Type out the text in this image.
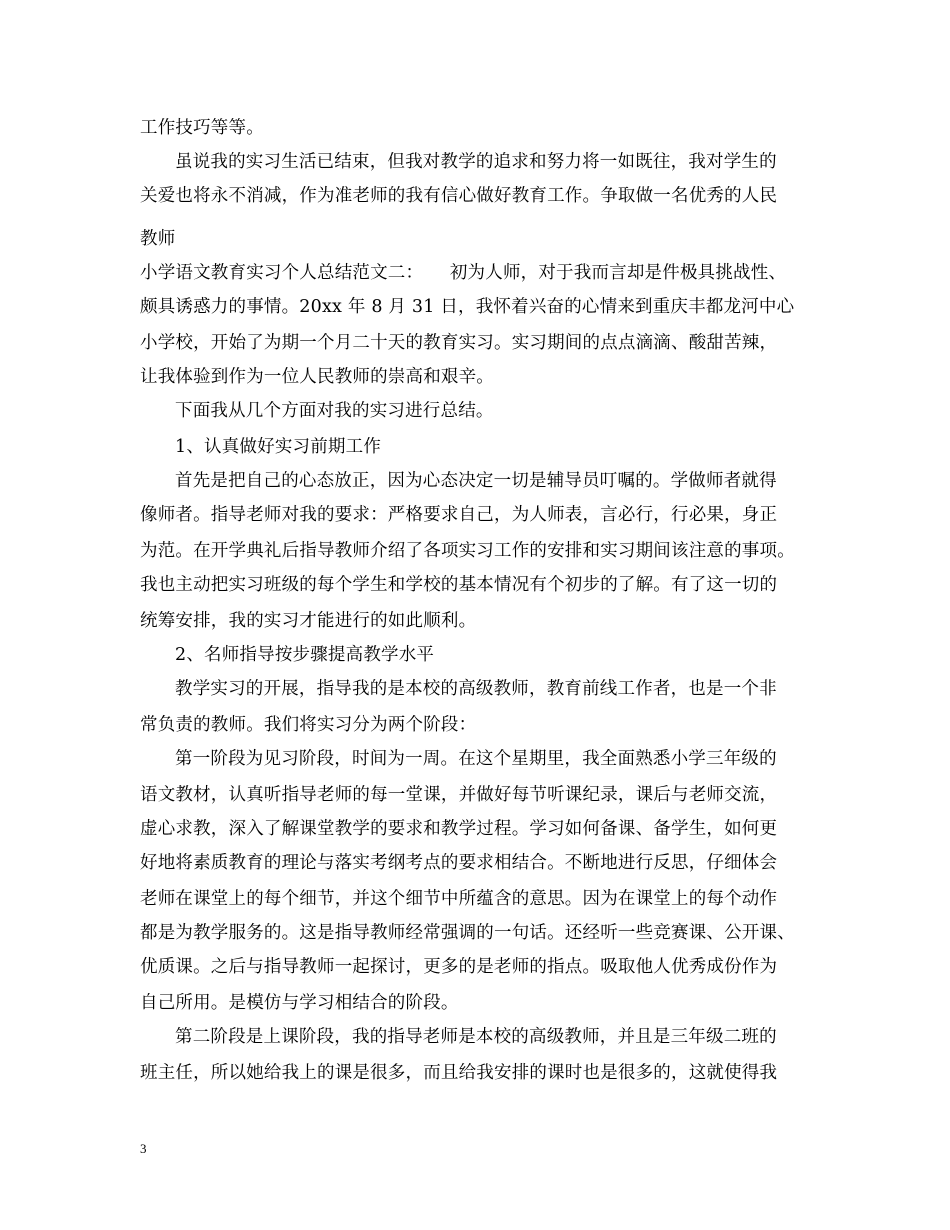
工作技巧等等。
虽说我的实习生活已结束，但我对教学的追求和努力将一如既往，我对学生的
关爱也将永不消减，作为准老师的我有信心做好教育工作。争取做一名优秀的人民
教师
小学语文教育实习个人总结范文二：　　初为人师，对于我而言却是件极具挑战性、
颇具诱惑力的事情。20xx 年 8 月 31 日，我怀着兴奋的心情来到重庆丰都龙河中心
小学校，开始了为期一个月二十天的教育实习。实习期间的点点滴滴、酸甜苦辣，
让我体验到作为一位人民教师的崇高和艰辛。
下面我从几个方面对我的实习进行总结。
1、认真做好实习前期工作
首先是把自己的心态放正，因为心态决定一切是辅导员叮嘱的。学做师者就得
像师者。指导老师对我的要求：严格要求自己，为人师表，言必行，行必果，身正
为范。在开学典礼后指导教师介绍了各项实习工作的安排和实习期间该注意的事项。
我也主动把实习班级的每个学生和学校的基本情况有个初步的了解。有了这一切的
统筹安排，我的实习才能进行的如此顺利。
2、名师指导按步骤提高教学水平
教学实习的开展，指导我的是本校的高级教师，教育前线工作者，也是一个非
常负责的教师。我们将实习分为两个阶段：
第一阶段为见习阶段，时间为一周。在这个星期里，我全面熟悉小学三年级的
语文教材，认真听指导老师的每一堂课，并做好每节听课纪录，课后与老师交流，
虚心求教，深入了解课堂教学的要求和教学过程。学习如何备课、备学生，如何更
好地将素质教育的理论与落实考纲考点的要求相结合。不断地进行反思，仔细体会
老师在课堂上的每个细节，并这个细节中所蕴含的意思。因为在课堂上的每个动作
都是为教学服务的。这是指导教师经常强调的一句话。还经听一些竞赛课、公开课、
优质课。之后与指导教师一起探讨，更多的是老师的指点。吸取他人优秀成份作为
自己所用。是模仿与学习相结合的阶段。
第二阶段是上课阶段，我的指导老师是本校的高级教师，并且是三年级二班的
班主任，所以她给我上的课是很多，而且给我安排的课时也是很多的，这就使得我
3
